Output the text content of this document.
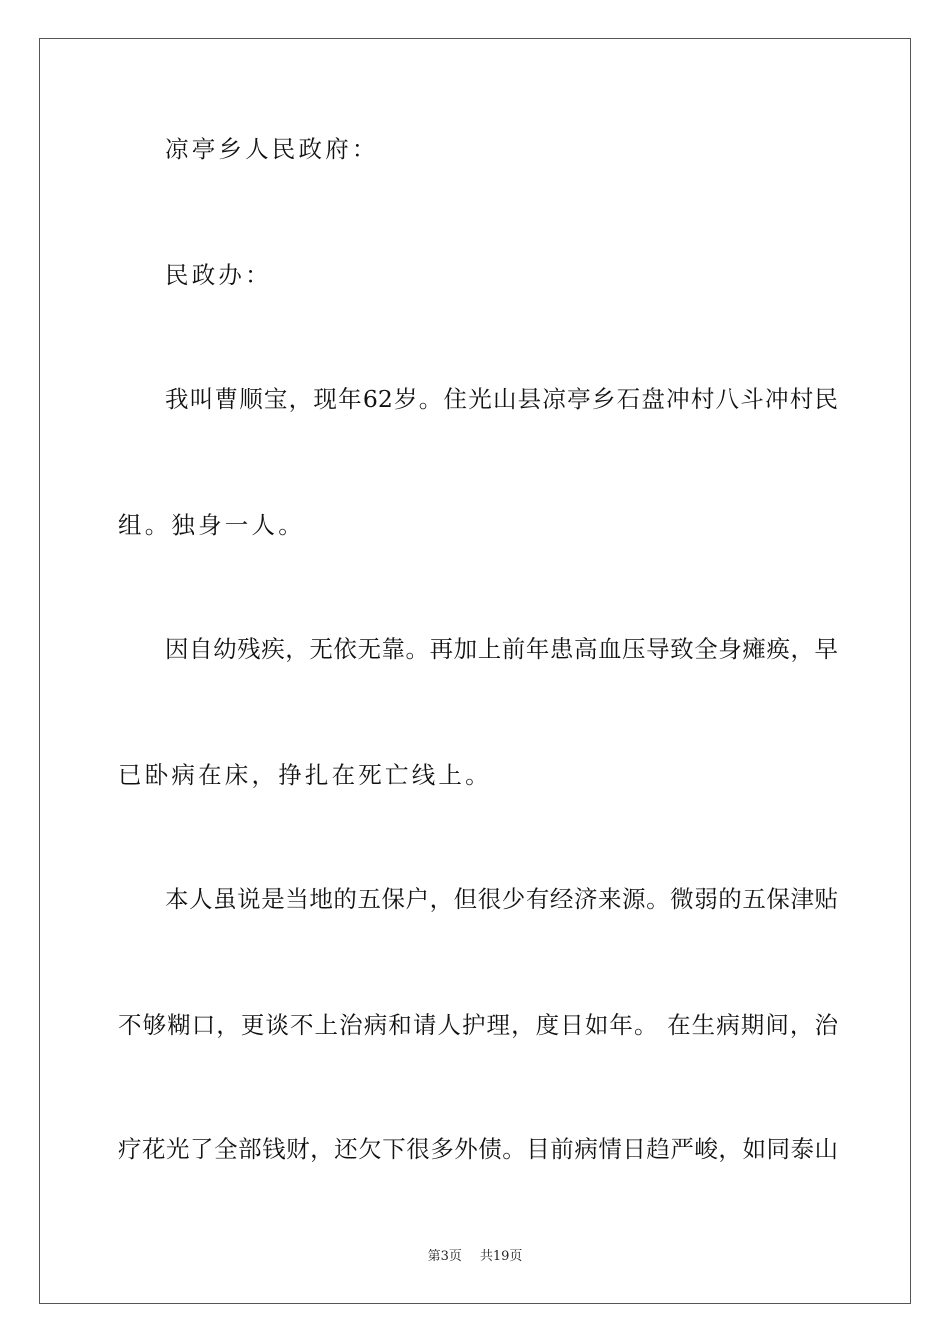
凉亭乡人民政府：
民政办：
我叫曹顺宝，现年62岁。住光山县凉亭乡石盘冲村八斗冲村民
组。独身一人。
因自幼残疾，无依无靠。再加上前年患高血压导致全身瘫痪，早
已卧病在床，挣扎在死亡线上。
本人虽说是当地的五保户，但很少有经济来源。微弱的五保津贴
不够糊口，更谈不上治病和请人护理，度日如年。 在生病期间，治
疗花光了全部钱财，还欠下很多外债。目前病情日趋严峻，如同泰山
第3页 共19页
